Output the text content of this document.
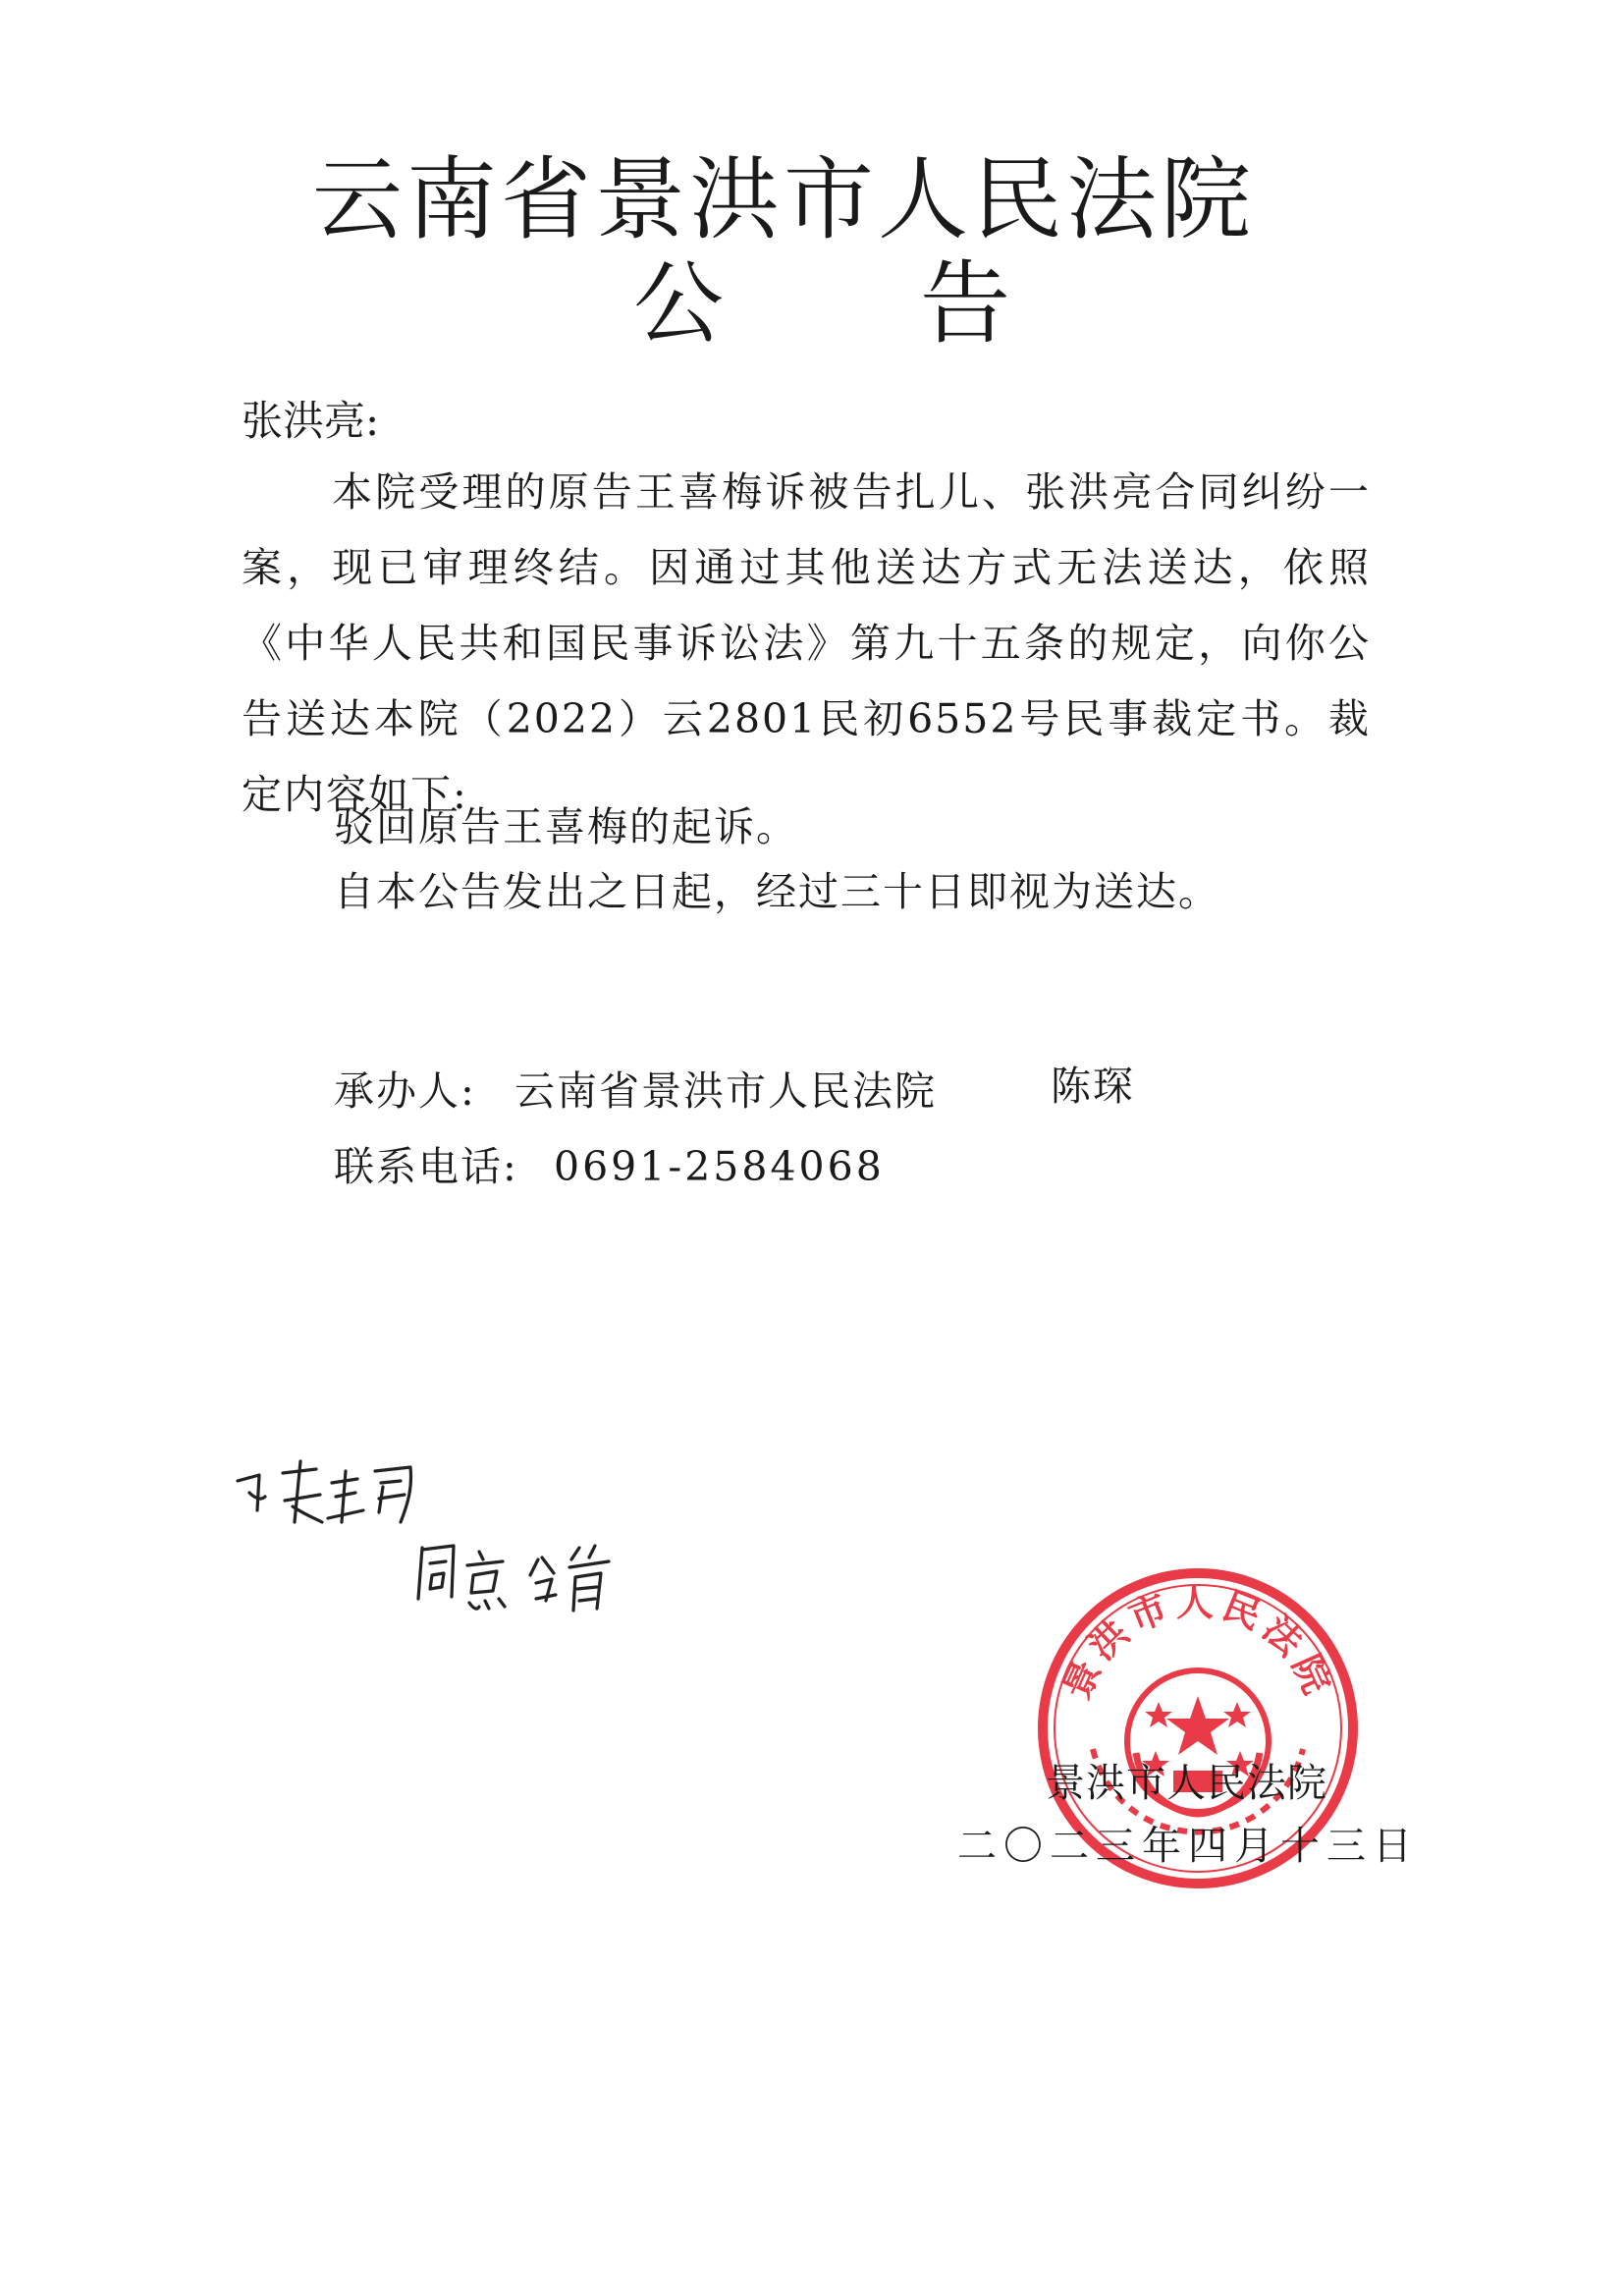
云南省景洪市人民法院
公告
张洪亮:
本院受理的原告王喜梅诉被告扎儿、张洪亮合同纠纷一案，现已审理终结。因通过其他送达方式无法送达，依照《中华人民共和国民事诉讼法》第九十五条的规定，向你公告送达本院（2022）云2801民初6552号民事裁定书。裁定内容如下:
驳回原告王喜梅的起诉。
自本公告发出之日起，经过三十日即视为送达。
承办人: 云南省景洪市人民法院	陈琛
联系电话: 0691-2584068
景洪市人民法院
景洪市人民法院
二〇二三年四月十三日
